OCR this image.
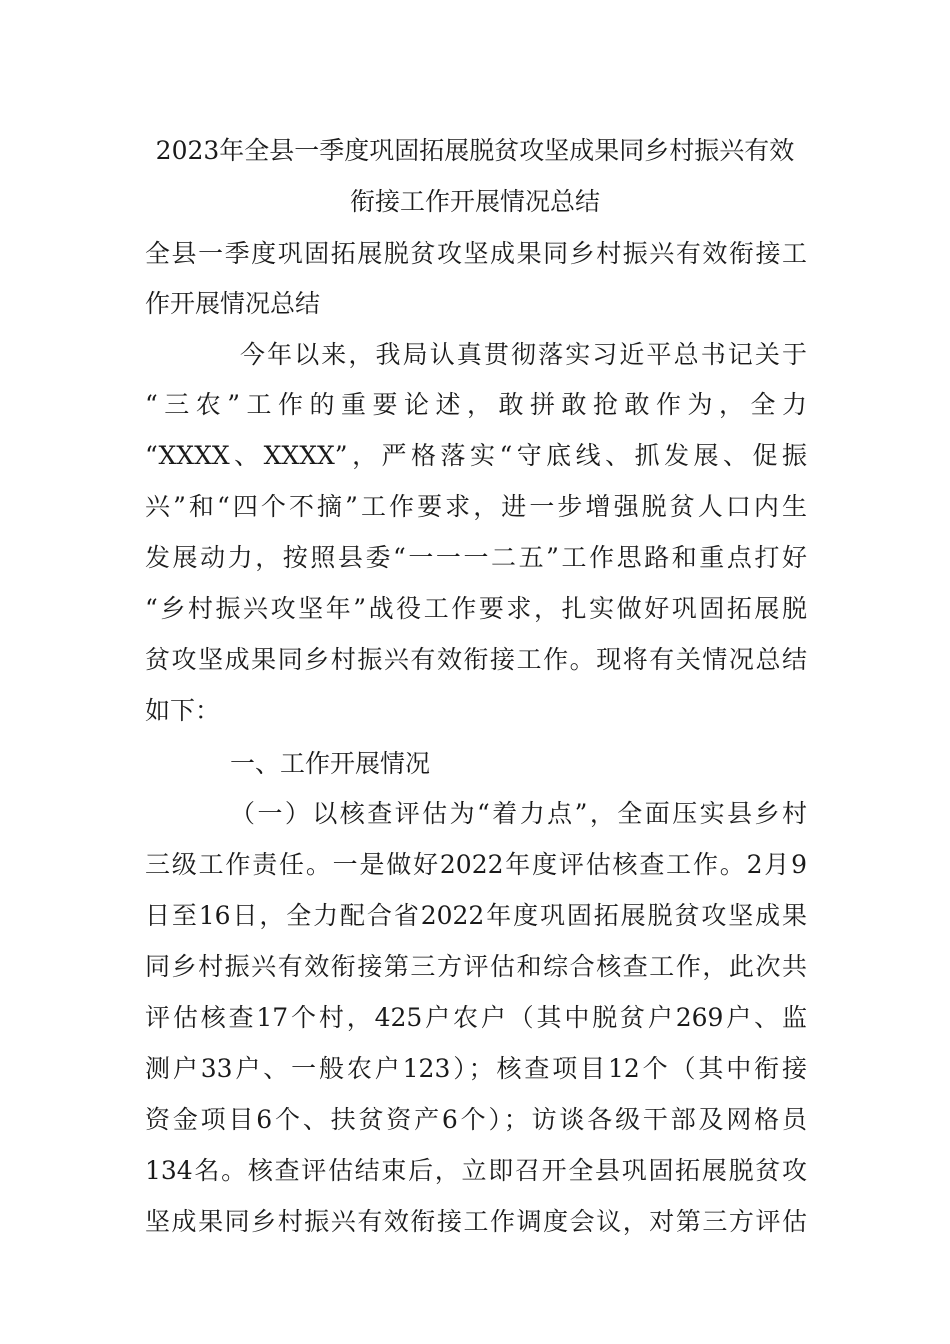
2023年全县一季度巩固拓展脱贫攻坚成果同乡村振兴有效
衔接工作开展情况总结
全县一季度巩固拓展脱贫攻坚成果同乡村振兴有效衔接工
作开展情况总结
今年以来，我局认真贯彻落实习近平总书记关于
“三农”工作的重要论述，敢拼敢抢敢作为，全力
“XXXX、XXXX”，严格落实“守底线、抓发展、促振
兴”和“四个不摘”工作要求，进一步增强脱贫人口内生
发展动力，按照县委“一一一二五”工作思路和重点打好
“乡村振兴攻坚年”战役工作要求，扎实做好巩固拓展脱
贫攻坚成果同乡村振兴有效衔接工作。现将有关情况总结
如下：
一、工作开展情况
（一）以核查评估为“着力点”，全面压实县乡村
三级工作责任。一是做好2022年度评估核查工作。2月9
日至16日，全力配合省2022年度巩固拓展脱贫攻坚成果
同乡村振兴有效衔接第三方评估和综合核查工作，此次共
评估核查17个村，425户农户（其中脱贫户269户、监
测户33户、一般农户123）；核查项目12个（其中衔接
资金项目6个、扶贫资产6个）；访谈各级干部及网格员
134名。核查评估结束后，立即召开全县巩固拓展脱贫攻
坚成果同乡村振兴有效衔接工作调度会议，对第三方评估
